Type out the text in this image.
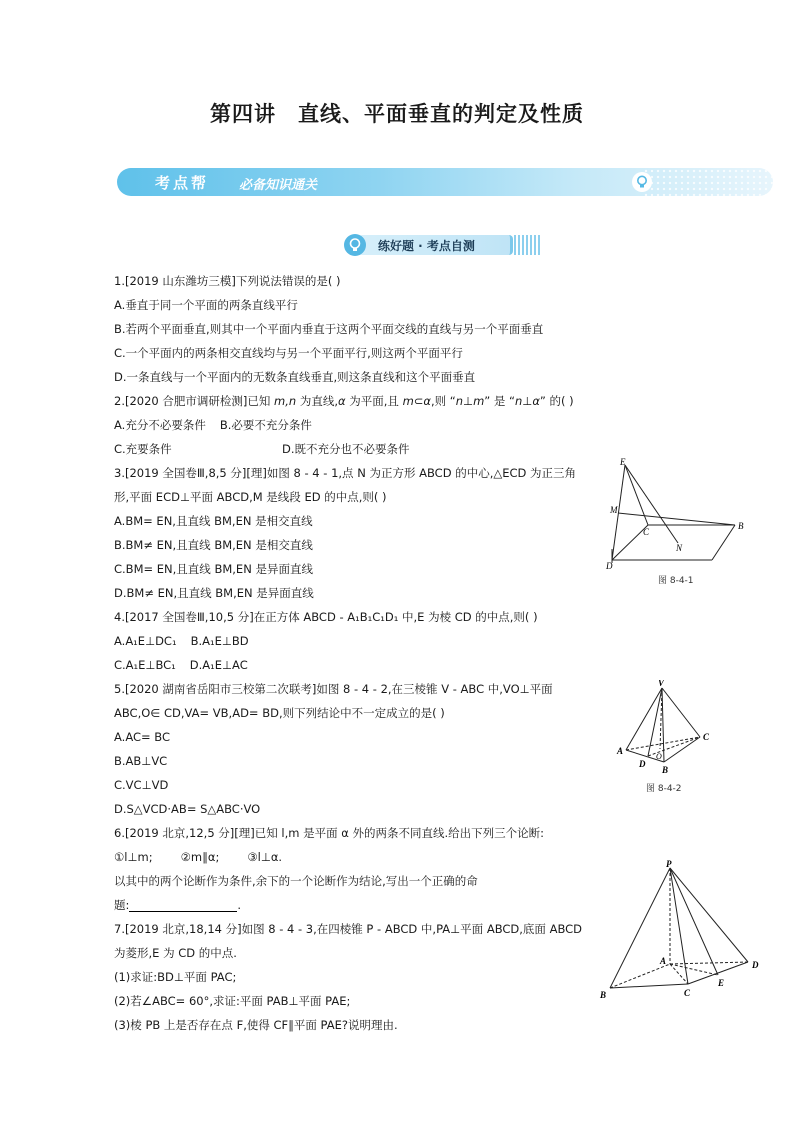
第四讲 直线、平面垂直的判定及性质
考点帮 必备知识通关
练好题 · 考点自测
1.[2019 山东潍坊三模]下列说法错误的是( )
A.垂直于同一个平面的两条直线平行
B.若两个平面垂直,则其中一个平面内垂直于这两个平面交线的直线与另一个平面垂直
C.一个平面内的两条相交直线均与另一个平面平行,则这两个平面平行
D.一条直线与一个平面内的无数条直线垂直,则这条直线和这个平面垂直
2.[2020 合肥市调研检测]已知 m,n 为直线,α 为平面,且 m⊂α,则 “n⊥m” 是 “n⊥α” 的( )
A.充分不必要条件 B.必要不充分条件
C.充要条件	D.既不充分也不必要条件
3.[2019 全国卷Ⅲ,8,5 分][理]如图 8 - 4 - 1,点 N 为正方形 ABCD 的中心,△ECD 为正三角
形,平面 ECD⊥平面 ABCD,M 是线段 ED 的中点,则( )
A.BM= EN,且直线 BM,EN 是相交直线
B.BM≠ EN,且直线 BM,EN 是相交直线
C.BM= EN,且直线 BM,EN 是异面直线
D.BM≠ EN,且直线 BM,EN 是异面直线
4.[2017 全国卷Ⅲ,10,5 分]在正方体 ABCD - A₁B₁C₁D₁ 中,E 为棱 CD 的中点,则( )
A.A₁E⊥DC₁ B.A₁E⊥BD
C.A₁E⊥BC₁ D.A₁E⊥AC
5.[2020 湖南省岳阳市三校第二次联考]如图 8 - 4 - 2,在三棱锥 V - ABC 中,VO⊥平面
ABC,O∈ CD,VA= VB,AD= BD,则下列结论中不一定成立的是( )
A.AC= BC
B.AB⊥VC
C.VC⊥VD
D.S△VCD·AB= S△ABC·VO
6.[2019 北京,12,5 分][理]已知 l,m 是平面 α 外的两条不同直线.给出下列三个论断:
①l⊥m; ②m∥α; ③l⊥α.
以其中的两个论断作为条件,余下的一个论断作为结论,写出一个正确的命
题:	.
7.[2019 北京,18,14 分]如图 8 - 4 - 3,在四棱锥 P - ABCD 中,PA⊥平面 ABCD,底面 ABCD
为菱形,E 为 CD 的中点.
(1)求证:BD⊥平面 PAC;
(2)若∠ABC= 60°,求证:平面 PAB⊥平面 PAE;
(3)棱 PB 上是否存在点 F,使得 CF∥平面 PAE?说明理由.
E
M
C
N
B
D
图 8-4-1
V
C
A
O
D
B
图 8-4-2
P
A	D
B	C
E
